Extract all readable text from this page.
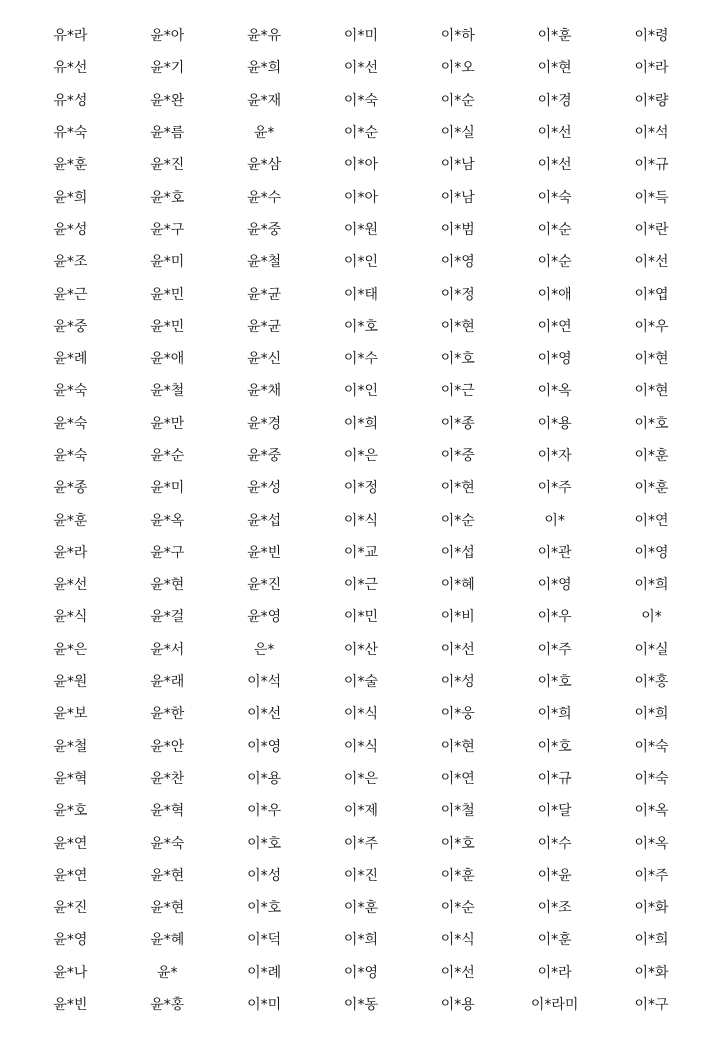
유*라	윤*아	윤*유	이*미	이*하	이*훈	이*령
유*선	윤*기	윤*희	이*선	이*오	이*현	이*라
유*성	윤*완	윤*재	이*숙	이*순	이*경	이*량
유*숙	윤*름	윤*	이*순	이*실	이*선	이*석
윤*훈	윤*진	윤*삼	이*아	이*남	이*선	이*규
윤*희	윤*호	윤*수	이*아	이*남	이*숙	이*득
윤*성	윤*구	윤*중	이*원	이*범	이*순	이*란
윤*조	윤*미	윤*철	이*인	이*영	이*순	이*선
윤*근	윤*민	윤*균	이*태	이*정	이*애	이*엽
윤*중	윤*민	윤*균	이*호	이*현	이*연	이*우
윤*례	윤*애	윤*신	이*수	이*호	이*영	이*현
윤*숙	윤*철	윤*채	이*인	이*근	이*옥	이*현
윤*숙	윤*만	윤*경	이*희	이*종	이*용	이*호
윤*숙	윤*순	윤*중	이*은	이*중	이*자	이*훈
윤*종	윤*미	윤*성	이*정	이*현	이*주	이*훈
윤*훈	윤*옥	윤*섭	이*식	이*순	이*	이*연
윤*라	윤*구	윤*빈	이*교	이*섭	이*관	이*영
윤*선	윤*현	윤*진	이*근	이*혜	이*영	이*희
윤*식	윤*걸	윤*영	이*민	이*비	이*우	이*
윤*은	윤*서	은*	이*산	이*선	이*주	이*실
윤*원	윤*래	이*석	이*술	이*성	이*호	이*홍
윤*보	윤*한	이*선	이*식	이*웅	이*희	이*희
윤*철	윤*안	이*영	이*식	이*현	이*호	이*숙
윤*혁	윤*찬	이*용	이*은	이*연	이*규	이*숙
윤*호	윤*혁	이*우	이*제	이*철	이*달	이*옥
윤*연	윤*숙	이*호	이*주	이*호	이*수	이*옥
윤*연	윤*현	이*성	이*진	이*훈	이*윤	이*주
윤*진	윤*현	이*호	이*훈	이*순	이*조	이*화
윤*영	윤*혜	이*덕	이*희	이*식	이*훈	이*희
윤*나	윤*	이*례	이*영	이*선	이*라	이*화
윤*빈	윤*홍	이*미	이*동	이*용	이*라미	이*구
